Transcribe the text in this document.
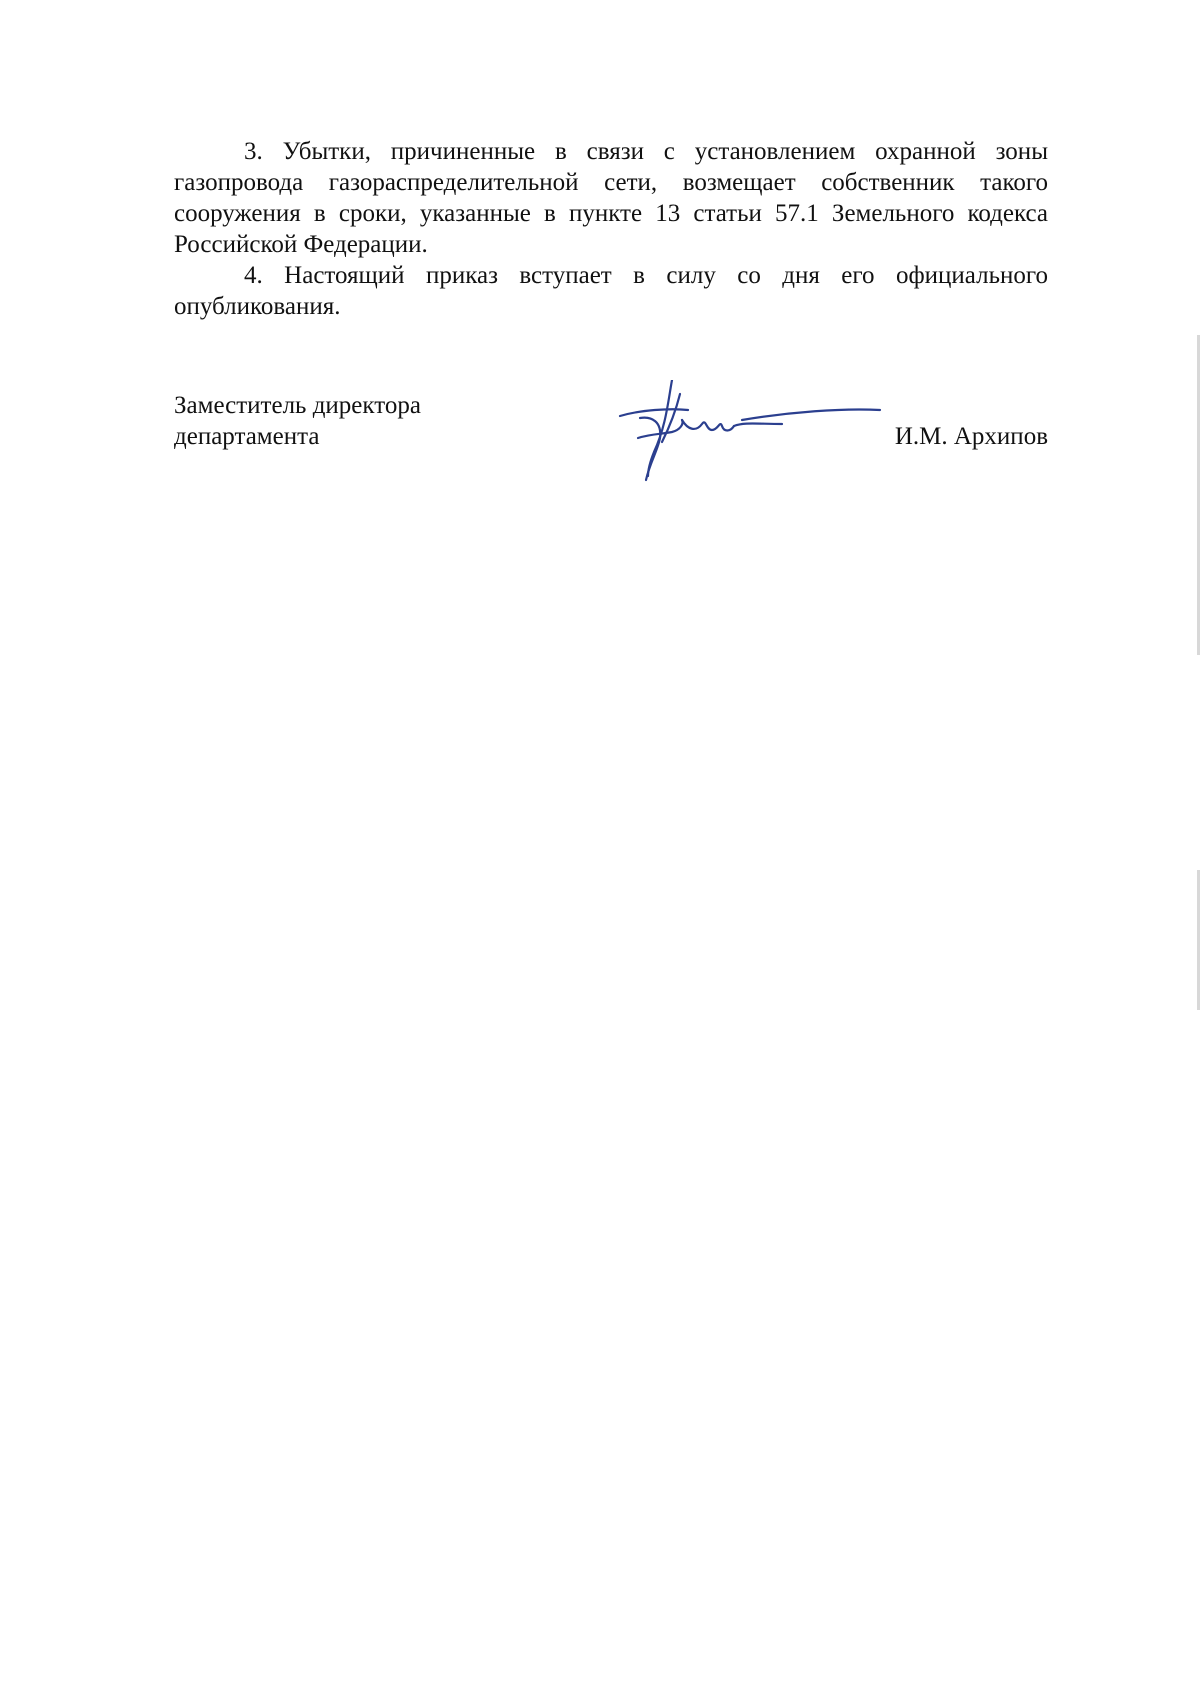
3. Убытки, причиненные в связи с установлением охранной зоны газопровода газораспределительной сети, возмещает собственник такого сооружения в сроки, указанные в пункте 13 статьи 57.1 Земельного кодекса Российской Федерации.

4. Настоящий приказ вступает в силу со дня его официального опубликования.

Заместитель директора
департамента	И.М. Архипов
